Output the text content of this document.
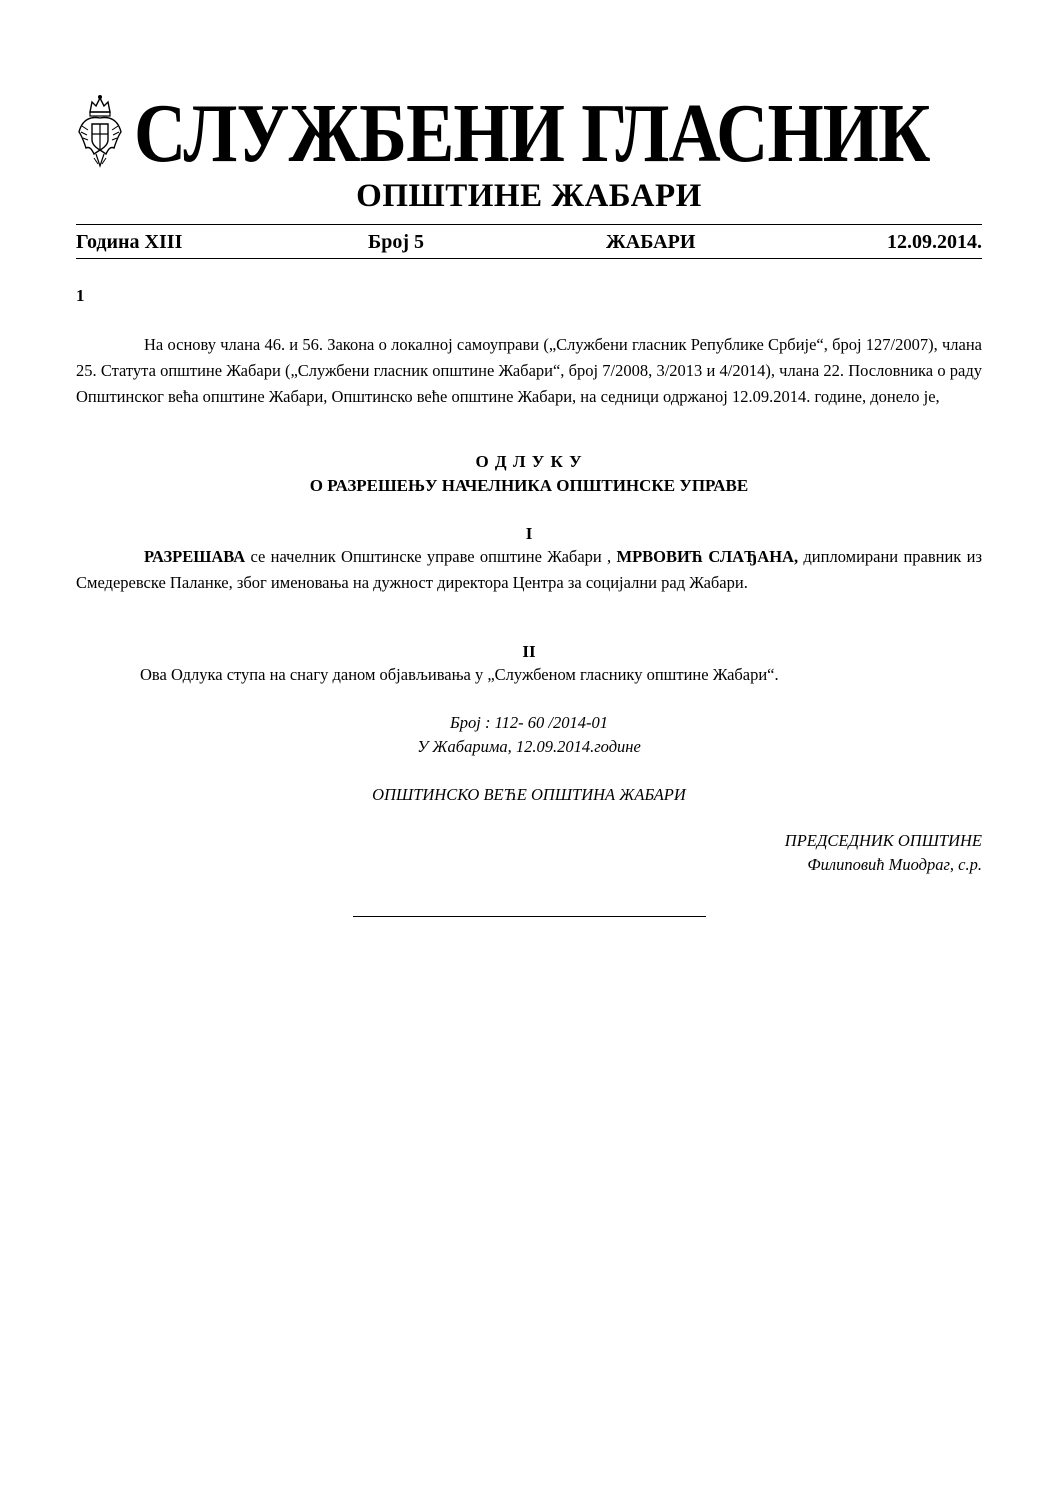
СЛУЖБЕНИ ГЛАСНИК
ОПШТИНЕ ЖАБАРИ
Година XIII	Број 5	ЖАБАРИ	12.09.2014.
1
На основу члана 46. и 56. Закона о локалној самоуправи („Службени гласник Републике Србије“, број 127/2007), члана 25. Статута општине Жабари („Службени гласник општине Жабари“, број 7/2008, 3/2013 и 4/2014), члана 22. Пословника о раду Општинског већа општине Жабари, Општинско веће општине Жабари, на седници одржаној 12.09.2014. године, донело је,
О Д Л У К У
О РАЗРЕШЕЊУ НАЧЕЛНИКА ОПШТИНСКЕ УПРАВЕ
I
РАЗРЕШАВА се начелник Општинске управе општине Жабари , МРВОВИЋ СЛАЂАНА, дипломирани правник из Смедеревске Паланке, због именовања на дужност директора Центра за социјални рад Жабари.
II
Ова Одлука ступа на снагу даном објављивања у „Службеном гласнику општине Жабари“.
Број : 112- 60 /2014-01
У Жабарима, 12.09.2014.године
ОПШТИНСКО ВЕЋЕ ОПШТИНА ЖАБАРИ
ПРЕДСЕДНИК ОПШТИНЕ
Филиповић Миодраг, с.р.
